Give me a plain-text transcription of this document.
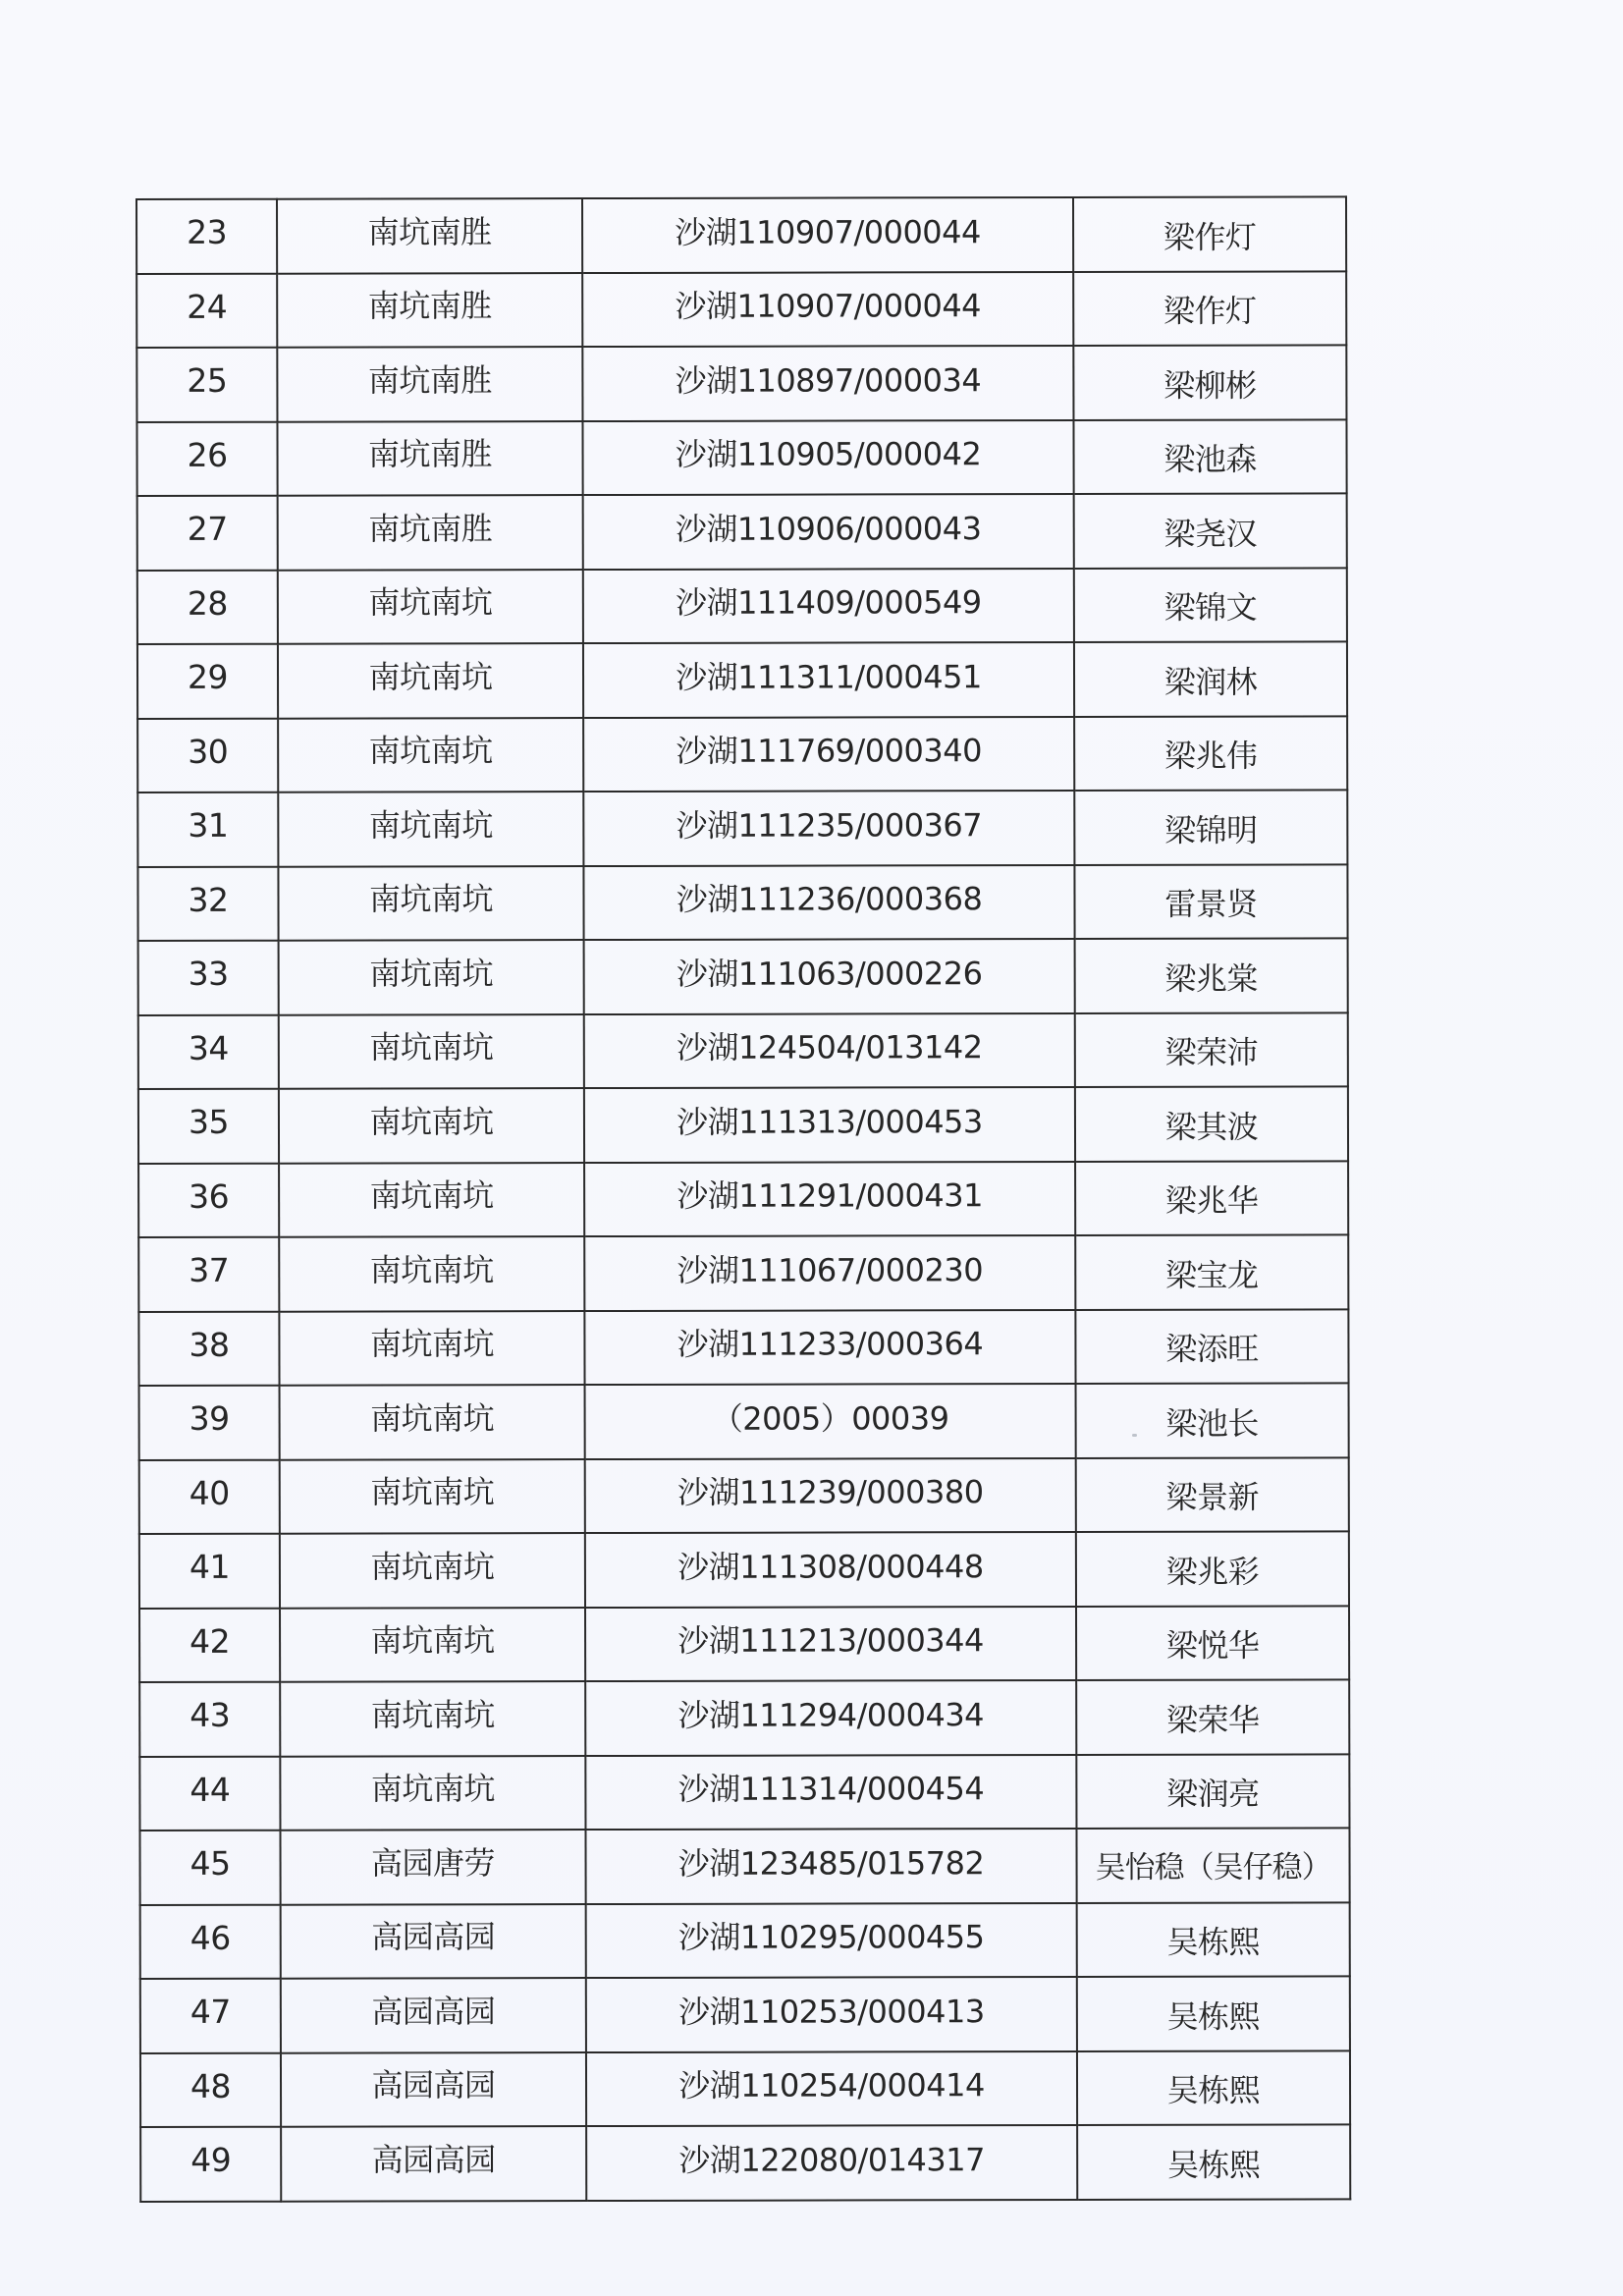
23	南坑南胜	沙湖110907/000044	梁作灯
24	南坑南胜	沙湖110907/000044	梁作灯
25	南坑南胜	沙湖110897/000034	梁柳彬
26	南坑南胜	沙湖110905/000042	梁池森
27	南坑南胜	沙湖110906/000043	梁尧汉
28	南坑南坑	沙湖111409/000549	梁锦文
29	南坑南坑	沙湖111311/000451	梁润林
30	南坑南坑	沙湖111769/000340	梁兆伟
31	南坑南坑	沙湖111235/000367	梁锦明
32	南坑南坑	沙湖111236/000368	雷景贤
33	南坑南坑	沙湖111063/000226	梁兆棠
34	南坑南坑	沙湖124504/013142	梁荣沛
35	南坑南坑	沙湖111313/000453	梁其波
36	南坑南坑	沙湖111291/000431	梁兆华
37	南坑南坑	沙湖111067/000230	梁宝龙
38	南坑南坑	沙湖111233/000364	梁添旺
39	南坑南坑	（2005）00039	梁池长
40	南坑南坑	沙湖111239/000380	梁景新
41	南坑南坑	沙湖111308/000448	梁兆彩
42	南坑南坑	沙湖111213/000344	梁悦华
43	南坑南坑	沙湖111294/000434	梁荣华
44	南坑南坑	沙湖111314/000454	梁润亮
45	高园唐劳	沙湖123485/015782	吴怡稳（吴仔稳）
46	高园高园	沙湖110295/000455	吴栋熙
47	高园高园	沙湖110253/000413	吴栋熙
48	高园高园	沙湖110254/000414	吴栋熙
49	高园高园	沙湖122080/014317	吴栋熙
